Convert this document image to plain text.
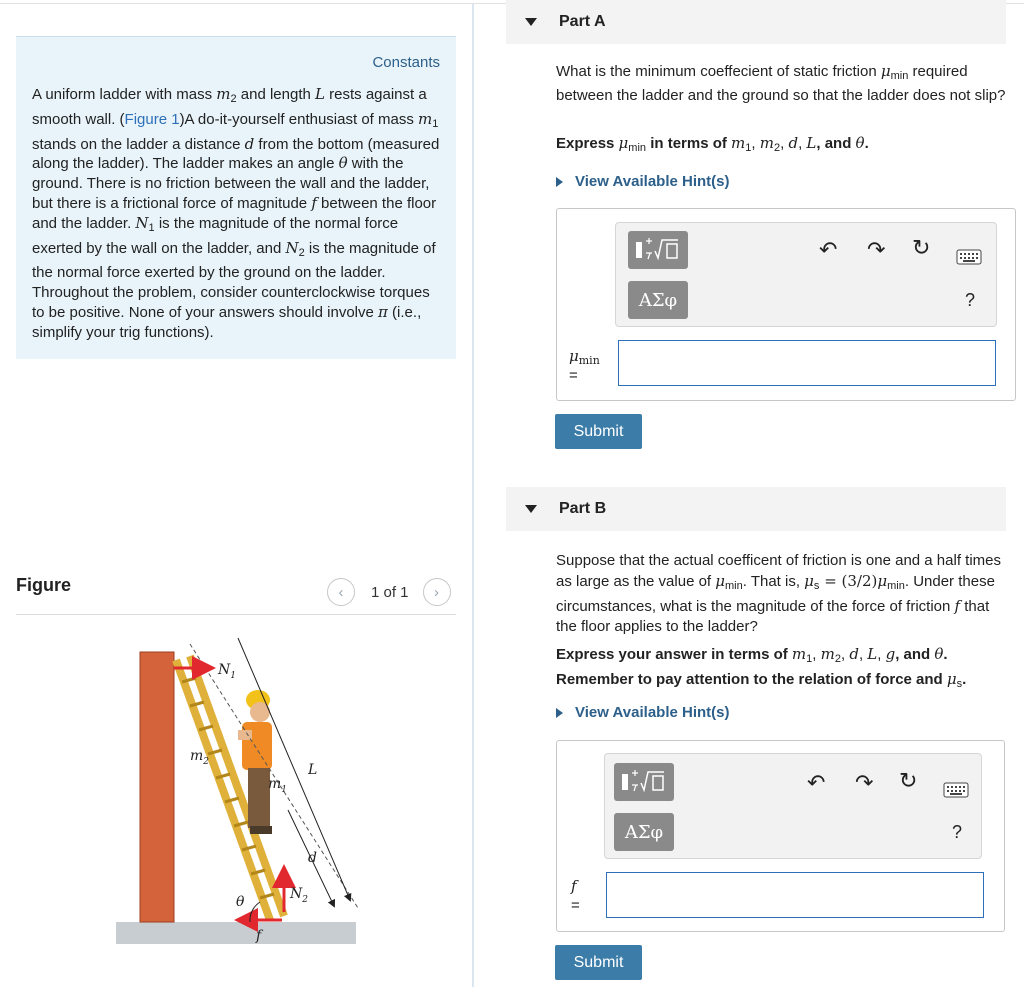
Constants
A uniform ladder with mass $m_2$ and length L rests against a smooth wall. (Figure 1)A do-it-yourself enthusiast of mass $m_1$ stands on the ladder a distance d from the bottom (measured along the ladder). The ladder makes an angle θ with the ground. There is no friction between the wall and the ladder, but there is a frictional force of magnitude f between the floor and the ladder. $N_1$ is the magnitude of the normal force exerted by the wall on the ladder, and $N_2$ is the magnitude of the normal force exerted by the ground on the ladder. Throughout the problem, consider counterclockwise torques to be positive. None of your answers should involve π (i.e., simplify your trig functions).
Figure	‹	1 of 1	›
$N_1$
$m_2$
$m_1$
L
d
θ	$N_2$
f
Part A
What is the minimum coeffecient of static friction $\mu_{min}$ required between the ladder and the ground so that the ladder does not slip?
Express $\mu_{min}$ in terms of $m_1$, $m_2$, d, L, and θ.
View Available Hint(s)
ΑΣφ
↶ ↷ ↻
?
$\mu_{min}$
=
Submit
Part B
Suppose that the actual coefficent of friction is one and a half times as large as the value of $\mu_{min}$. That is, $\mu_s = (3/2)\mu_{min}$. Under these circumstances, what is the magnitude of the force of friction f that the floor applies to the ladder?
Express your answer in terms of $m_1$, $m_2$, d, L, g, and θ. Remember to pay attention to the relation of force and $\mu_s$.
View Available Hint(s)
ΑΣφ
↶ ↷ ↻
?
f
=
Submit
